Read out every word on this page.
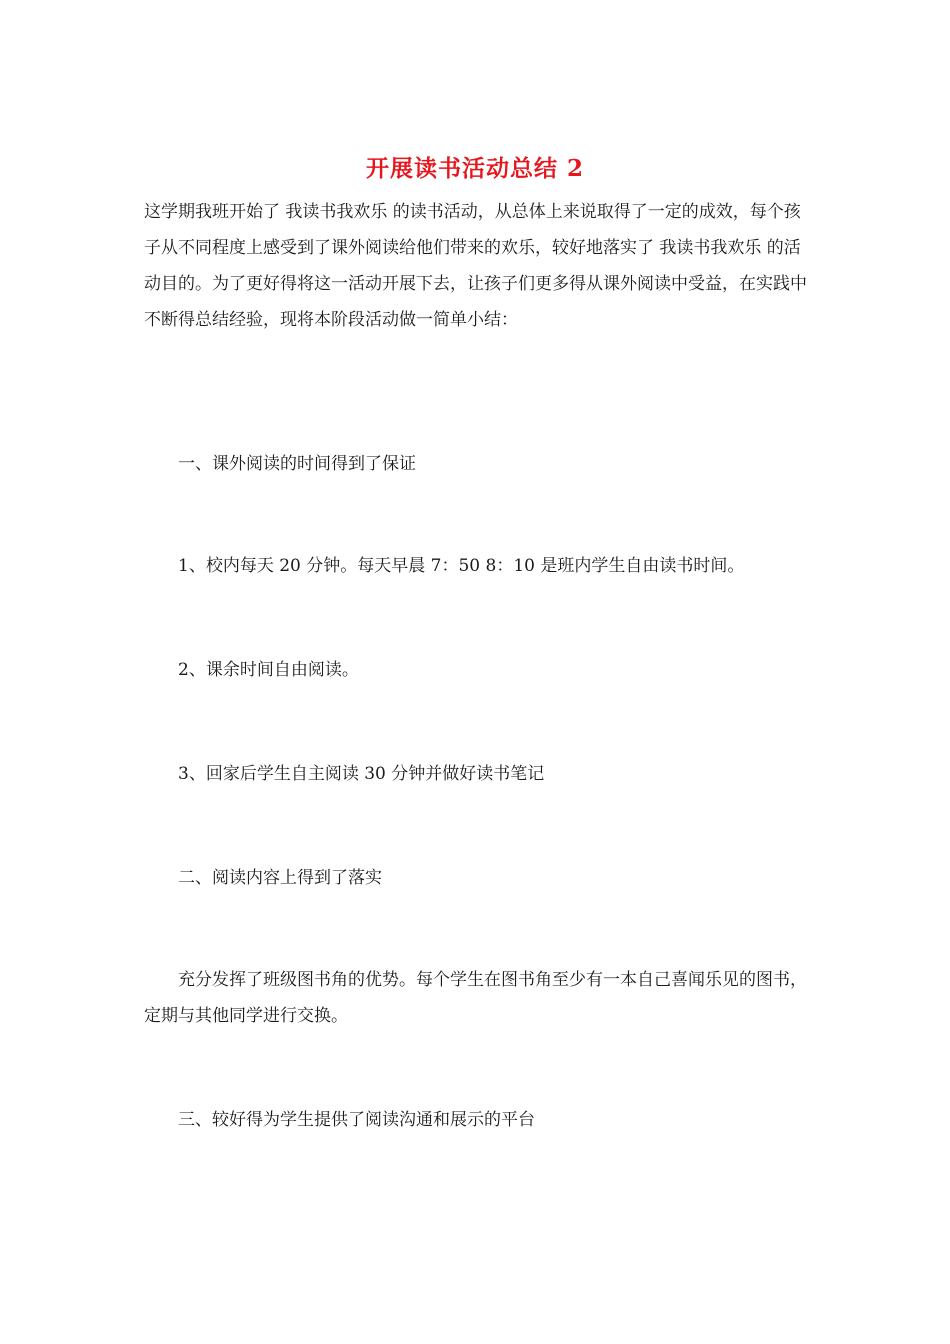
开展读书活动总结 2

这学期我班开始了 我读书我欢乐 的读书活动，从总体上来说取得了一定的成效，每个孩子从不同程度上感受到了课外阅读给他们带来的欢乐，较好地落实了 我读书我欢乐 的活动目的。为了更好得将这一活动开展下去，让孩子们更多得从课外阅读中受益，在实践中不断得总结经验，现将本阶段活动做一简单小结：

一、课外阅读的时间得到了保证

1、校内每天 20 分钟。每天早晨 7：50 8：10 是班内学生自由读书时间。

2、课余时间自由阅读。

3、回家后学生自主阅读 30 分钟并做好读书笔记

二、阅读内容上得到了落实

充分发挥了班级图书角的优势。每个学生在图书角至少有一本自己喜闻乐见的图书，定期与其他同学进行交换。

三、较好得为学生提供了阅读沟通和展示的平台
